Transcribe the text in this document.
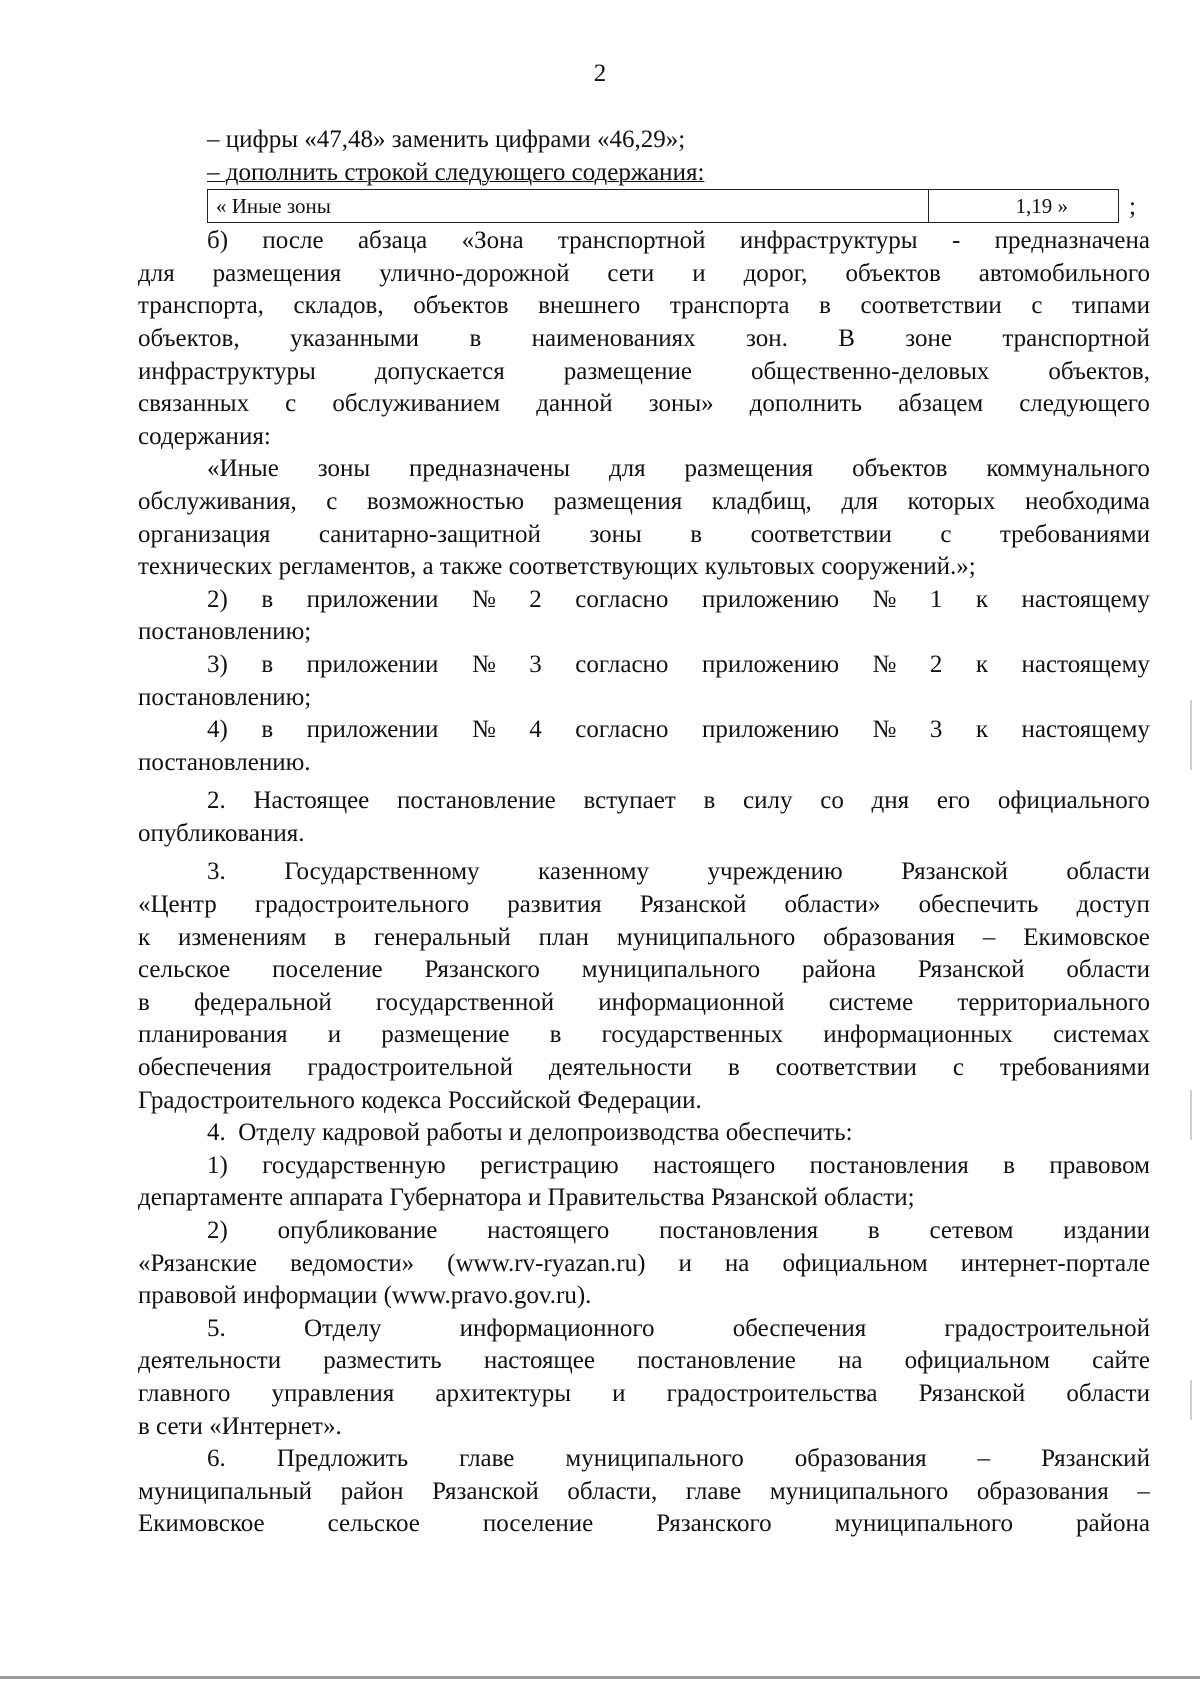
2
– цифры «47,48» заменить цифрами «46,29»;
– дополнить строкой следующего содержания:
« Иные зоны	1,19 »	;
б) после абзаца «Зона транспортной инфраструктуры - предназначена
для размещения улично-дорожной сети и дорог, объектов автомобильного
транспорта, складов, объектов внешнего транспорта в соответствии с типами
объектов, указанными в наименованиях зон. В зоне транспортной
инфраструктуры допускается размещение общественно-деловых объектов,
связанных с обслуживанием данной зоны» дополнить абзацем следующего
содержания:
«Иные зоны предназначены для размещения объектов коммунального
обслуживания, с возможностью размещения кладбищ, для которых необходима
организация санитарно-защитной зоны в соответствии с требованиями
технических регламентов, а также соответствующих культовых сооружений.»;
2) в приложении № 2 согласно приложению № 1 к настоящему
постановлению;
3) в приложении № 3 согласно приложению № 2 к настоящему
постановлению;
4) в приложении № 4 согласно приложению № 3 к настоящему
постановлению.
2. Настоящее постановление вступает в силу со дня его официального
опубликования.
3. Государственному казенному учреждению Рязанской области
«Центр градостроительного развития Рязанской области» обеспечить доступ
к изменениям в генеральный план муниципального образования – Екимовское
сельское поселение Рязанского муниципального района Рязанской области
в федеральной государственной информационной системе территориального
планирования и размещение в государственных информационных системах
обеспечения градостроительной деятельности в соответствии с требованиями
Градостроительного кодекса Российской Федерации.
4.  Отделу кадровой работы и делопроизводства обеспечить:
1) государственную регистрацию настоящего постановления в правовом
департаменте аппарата Губернатора и Правительства Рязанской области;
2) опубликование настоящего постановления в сетевом издании
«Рязанские ведомости» (www.rv-ryazan.ru) и на официальном интернет-портале
правовой информации (www.pravo.gov.ru).
5.	Отделу	информационного	обеспечения	градостроительной
деятельности разместить настоящее постановление на официальном сайте
главного управления архитектуры и градостроительства Рязанской области
в сети «Интернет».
6. Предложить главе муниципального образования – Рязанский
муниципальный район Рязанской области, главе муниципального образования –
Екимовское	сельское	поселение	Рязанского	муниципального	района
